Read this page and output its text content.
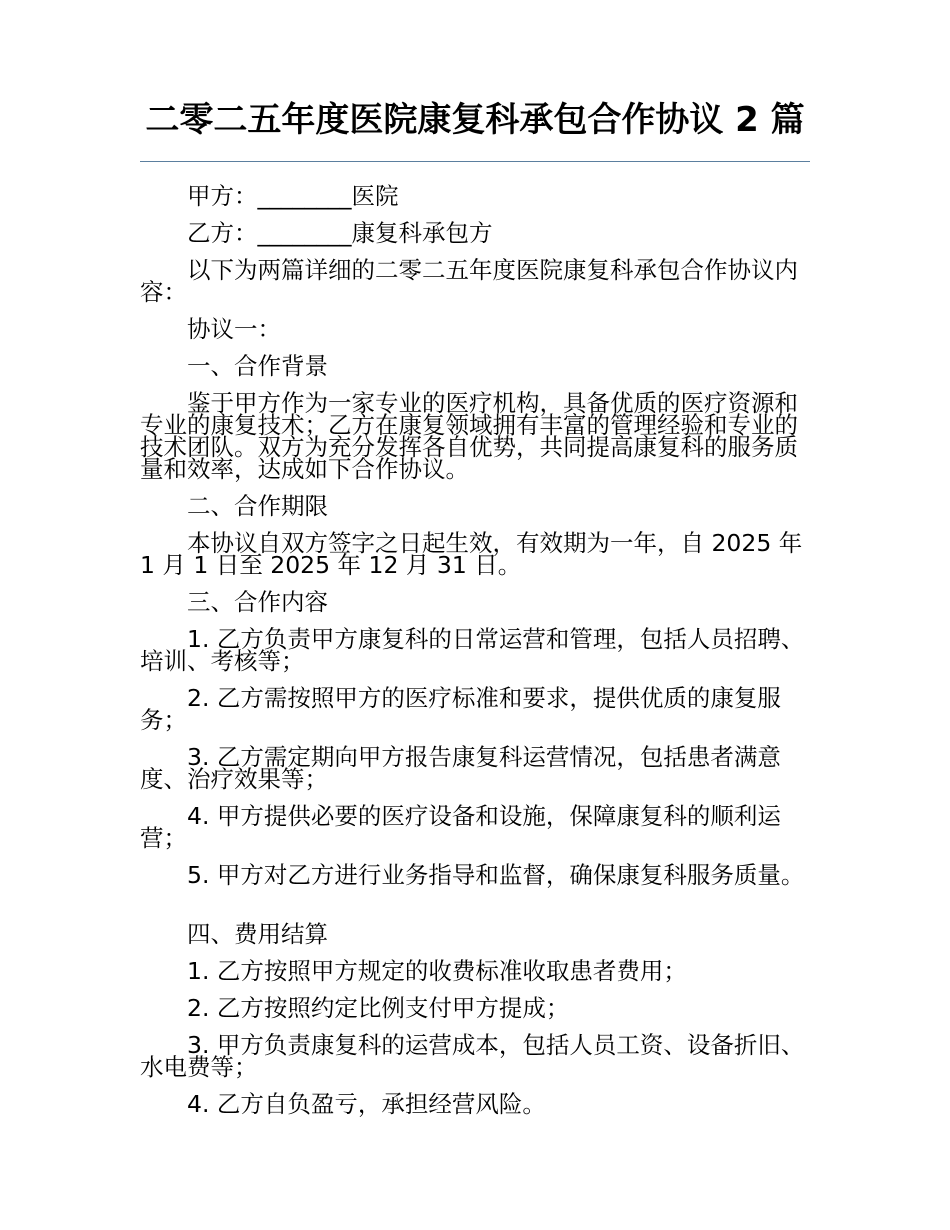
二零二五年度医院康复科承包合作协议 2 篇

甲方：________医院

乙方：________康复科承包方

以下为两篇详细的二零二五年度医院康复科承包合作协议内容：

协议一：

一、合作背景

鉴于甲方作为一家专业的医疗机构，具备优质的医疗资源和专业的康复技术；乙方在康复领域拥有丰富的管理经验和专业的技术团队。双方为充分发挥各自优势，共同提高康复科的服务质量和效率，达成如下合作协议。

二、合作期限

本协议自双方签字之日起生效，有效期为一年，自 2025 年 1 月 1 日至 2025 年 12 月 31 日。

三、合作内容

1. 乙方负责甲方康复科的日常运营和管理，包括人员招聘、培训、考核等；

2. 乙方需按照甲方的医疗标准和要求，提供优质的康复服务；

3. 乙方需定期向甲方报告康复科运营情况，包括患者满意度、治疗效果等；

4. 甲方提供必要的医疗设备和设施，保障康复科的顺利运营；

5. 甲方对乙方进行业务指导和监督，确保康复科服务质量。

四、费用结算

1. 乙方按照甲方规定的收费标准收取患者费用；

2. 乙方按照约定比例支付甲方提成；

3. 甲方负责康复科的运营成本，包括人员工资、设备折旧、水电费等；

4. 乙方自负盈亏，承担经营风险。
